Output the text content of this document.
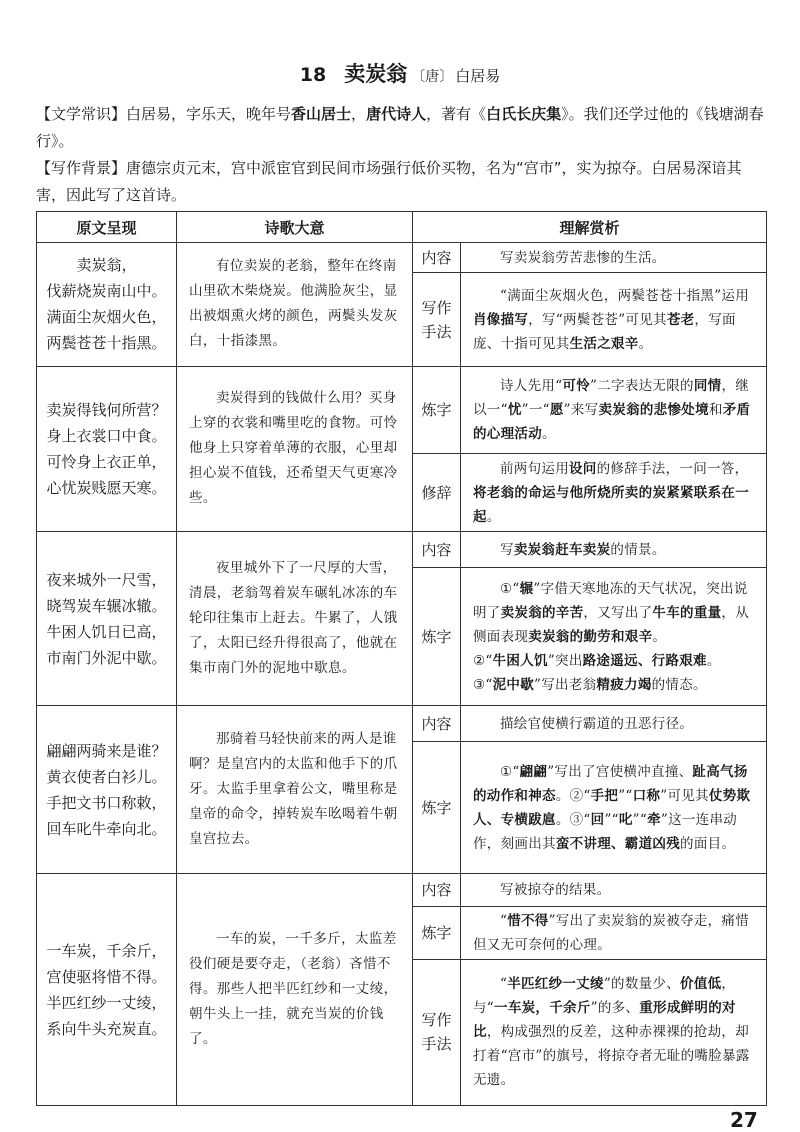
18 卖炭翁 〔唐〕 白居易
【文学常识】白居易，字乐天，晚年号香山居士，唐代诗人，著有《白氏长庆集》。我们还学过他的《钱塘湖春行》。
【写作背景】唐德宗贞元末，宫中派宦官到民间市场强行低价买物，名为“宫市”，实为掠夺。白居易深谙其害，因此写了这首诗。
原文呈现	诗歌大意	理解赏析	
卖炭翁，
伐薪烧炭南山中。
满面尘灰烟火色，
两鬓苍苍十指黑。	有位卖炭的老翁，整年在终南山里砍木柴烧炭。他满脸灰尘，显出被烟熏火烤的颜色，两鬓头发灰白，十指漆黑。	内容	写卖炭翁劳苦悲惨的生活。
		写作
手法	“满面尘灰烟火色，两鬓苍苍十指黑”运用肖像描写，写“两鬓苍苍”可见其苍老，写面庞、十指可见其生活之艰辛。
卖炭得钱何所营？
身上衣裳口中食。
可怜身上衣正单，
心忧炭贱愿天寒。	卖炭得到的钱做什么用？买身上穿的衣裳和嘴里吃的食物。可怜他身上只穿着单薄的衣服，心里却担心炭不值钱，还希望天气更寒冷些。	炼字	诗人先用“可怜”二字表达无限的同情，继以一“忧”一“愿”来写卖炭翁的悲惨处境和矛盾的心理活动。
		修辞	前两句运用设问的修辞手法，一问一答，将老翁的命运与他所烧所卖的炭紧紧联系在一起。
夜来城外一尺雪，
晓驾炭车辗冰辙。
牛困人饥日已高，
市南门外泥中歇。	夜里城外下了一尺厚的大雪，清晨，老翁驾着炭车碾轧冰冻的车轮印往集市上赶去。牛累了，人饿了，太阳已经升得很高了，他就在集市南门外的泥地中歇息。	内容	写卖炭翁赶车卖炭的情景。
		炼字	①“辗”字借天寒地冻的天气状况，突出说明了卖炭翁的辛苦，又写出了牛车的重量，从侧面表现卖炭翁的勤劳和艰辛。
②“牛困人饥”突出路途遥远、行路艰难。
③“泥中歇”写出老翁精疲力竭的情态。

翩翩两骑来是谁？
黄衣使者白衫儿。
手把文书口称敕，
回车叱牛牵向北。	那骑着马轻快前来的两人是谁啊？是皇宫内的太监和他手下的爪牙。太监手里拿着公文，嘴里称是皇帝的命令，掉转炭车吆喝着牛朝皇宫拉去。	内容	描绘官使横行霸道的丑恶行径。
		炼字	①“翩翩”写出了宫使横冲直撞、趾高气扬的动作和神态。②“手把”“口称”可见其仗势欺人、专横跋扈。③“回”“叱”“牵”这一连串动作，刻画出其蛮不讲理、霸道凶残的面目。
一车炭，千余斤，
宫使驱将惜不得。
半匹红纱一丈绫，
系向牛头充炭直。	一车的炭，一千多斤，太监差役们硬是要夺走，（老翁）吝惜不得。那些人把半匹红纱和一丈绫，朝牛头上一挂，就充当炭的价钱了。	内容	写被掠夺的结果。
		炼字	“惜不得”写出了卖炭翁的炭被夺走，痛惜但又无可奈何的心理。
		写作
手法	“半匹红纱一丈绫”的数量少、价值低，与“一车炭，千余斤”的多、重形成鲜明的对比，构成强烈的反差，这种赤裸裸的抢劫，却打着“宫市”的旗号，将掠夺者无耻的嘴脸暴露无遗。
27
